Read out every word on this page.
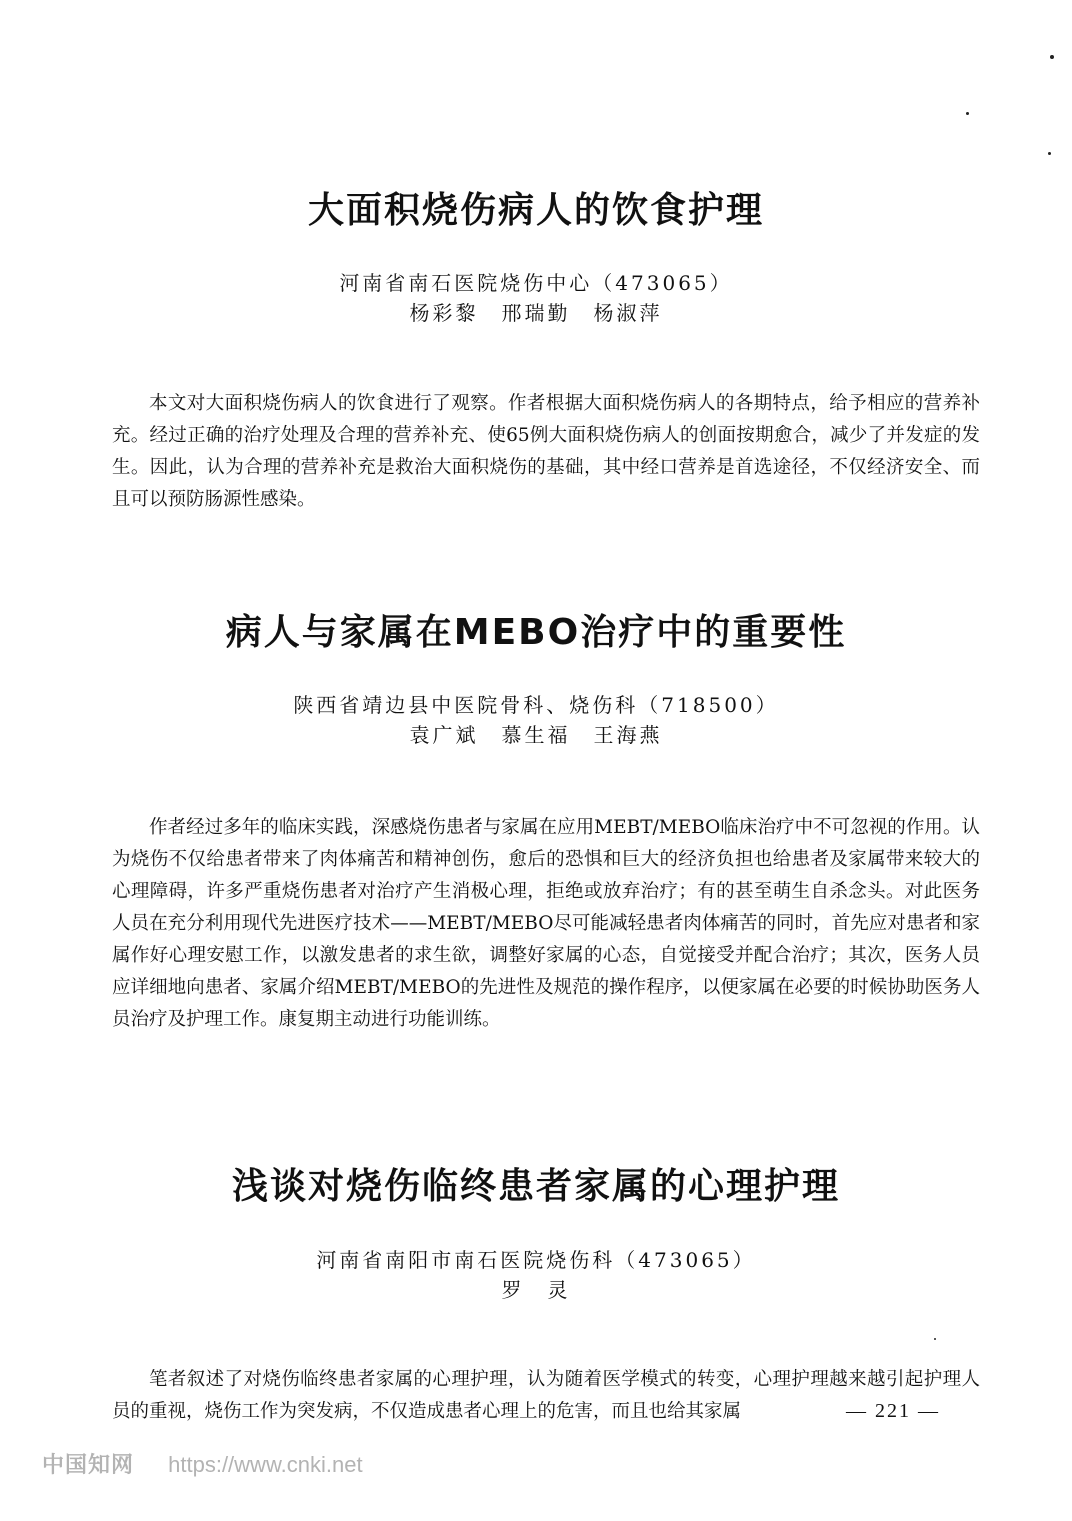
大面积烧伤病人的饮食护理
河南省南石医院烧伤中心（473065）
杨彩黎　邢瑞勤　杨淑萍

本文对大面积烧伤病人的饮食进行了观察。作者根据大面积烧伤病人的各期特点，给予相应的营养补充。经过正确的治疗处理及合理的营养补充、使65例大面积烧伤病人的创面按期愈合，减少了并发症的发生。因此，认为合理的营养补充是救治大面积烧伤的基础，其中经口营养是首选途径，不仅经济安全、而且可以预防肠源性感染。

病人与家属在MEBO治疗中的重要性
陕西省靖边县中医院骨科、烧伤科（718500）
袁广斌　慕生福　王海燕

作者经过多年的临床实践，深感烧伤患者与家属在应用MEBT/MEBO临床治疗中不可忽视的作用。认为烧伤不仅给患者带来了肉体痛苦和精神创伤，愈后的恐惧和巨大的经济负担也给患者及家属带来较大的心理障碍，许多严重烧伤患者对治疗产生消极心理，拒绝或放弃治疗；有的甚至萌生自杀念头。对此医务人员在充分利用现代先进医疗技术——MEBT/MEBO尽可能减轻患者肉体痛苦的同时，首先应对患者和家属作好心理安慰工作，以激发患者的求生欲，调整好家属的心态，自觉接受并配合治疗；其次，医务人员应详细地向患者、家属介绍MEBT/MEBO的先进性及规范的操作程序，以便家属在必要的时候协助医务人员治疗及护理工作。康复期主动进行功能训练。

浅谈对烧伤临终患者家属的心理护理
河南省南阳市南石医院烧伤科（473065）
罗　灵

笔者叙述了对烧伤临终患者家属的心理护理，认为随着医学模式的转变，心理护理越来越引起护理人员的重视，烧伤工作为突发病，不仅造成患者心理上的危害，而且也给其家属	— 221 —
中国知网 https://www.cnki.net
